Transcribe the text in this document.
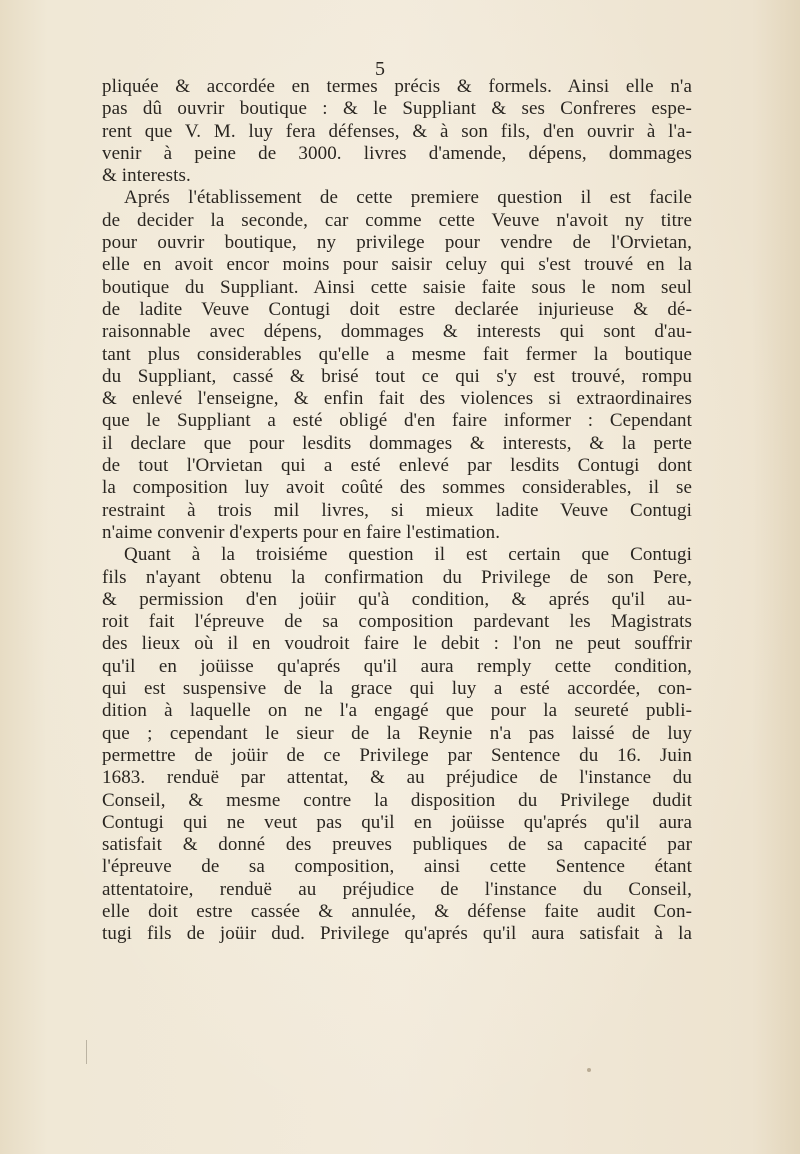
5
pliquée & accordée en termes précis & formels. Ainsi elle n'a
pas dû ouvrir boutique : & le Suppliant & ses Confreres espe-
rent que V. M. luy fera défenses, & à son fils, d'en ouvrir à l'a-
venir à peine de 3000. livres d'amende, dépens, dommages
& interests.
Aprés l'établissement de cette premiere question il est facile
de decider la seconde, car comme cette Veuve n'avoit ny titre
pour ouvrir boutique, ny privilege pour vendre de l'Orvietan,
elle en avoit encor moins pour saisir celuy qui s'est trouvé en la
boutique du Suppliant. Ainsi cette saisie faite sous le nom seul
de ladite Veuve Contugi doit estre declarée injurieuse & dé-
raisonnable avec dépens, dommages & interests qui sont d'au-
tant plus considerables qu'elle a mesme fait fermer la boutique
du Suppliant, cassé & brisé tout ce qui s'y est trouvé, rompu
& enlevé l'enseigne, & enfin fait des violences si extraordinaires
que le Suppliant a esté obligé d'en faire informer : Cependant
il declare que pour lesdits dommages & interests, & la perte
de tout l'Orvietan qui a esté enlevé par lesdits Contugi dont
la composition luy avoit coûté des sommes considerables, il se
restraint à trois mil livres, si mieux ladite Veuve Contugi
n'aime convenir d'experts pour en faire l'estimation.
Quant à la troisiéme question il est certain que Contugi
fils n'ayant obtenu la confirmation du Privilege de son Pere,
& permission d'en joüir qu'à condition, & aprés qu'il au-
roit fait l'épreuve de sa composition pardevant les Magistrats
des lieux où il en voudroit faire le debit : l'on ne peut souffrir
qu'il en joüisse qu'aprés qu'il aura remply cette condition,
qui est suspensive de la grace qui luy a esté accordée, con-
dition à laquelle on ne l'a engagé que pour la seureté publi-
que ; cependant le sieur de la Reynie n'a pas laissé de luy
permettre de joüir de ce Privilege par Sentence du 16. Juin
1683. renduë par attentat, & au préjudice de l'instance du
Conseil, & mesme contre la disposition du Privilege dudit
Contugi qui ne veut pas qu'il en joüisse qu'aprés qu'il aura
satisfait & donné des preuves publiques de sa capacité par
l'épreuve de sa composition, ainsi cette Sentence étant
attentatoire, renduë au préjudice de l'instance du Conseil,
elle doit estre cassée & annulée, & défense faite audit Con-
tugi fils de joüir dud. Privilege qu'aprés qu'il aura satisfait à la
